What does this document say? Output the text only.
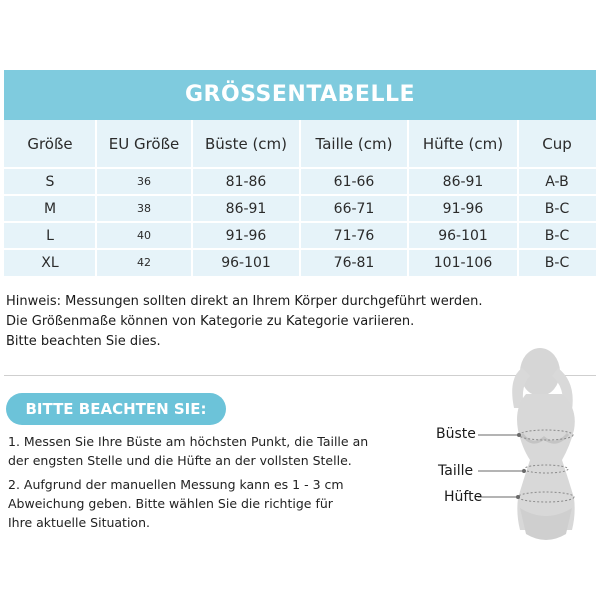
GRÖSSENTABELLE
Größe	EU Größe	Büste (cm)	Taille (cm)	Hüfte (cm)	Cup
S	36	81-86	61-66	86-91	A-B
M	38	86-91	66-71	91-96	B-C
L	40	91-96	71-76	96-101	B-C
XL	42	96-101	76-81	101-106	B-C
Hinweis: Messungen sollten direkt an Ihrem Körper durchgeführt werden.
Die Größenmaße können von Kategorie zu Kategorie variieren.
Bitte beachten Sie dies.
BITTE BEACHTEN SIE:
1. Messen Sie Ihre Büste am höchsten Punkt, die Taille an
der engsten Stelle und die Hüfte an der vollsten Stelle.
2. Aufgrund der manuellen Messung kann es 1 - 3 cm
Abweichung geben. Bitte wählen Sie die richtige für
Ihre aktuelle Situation.
Büste
Taille
Hüfte
